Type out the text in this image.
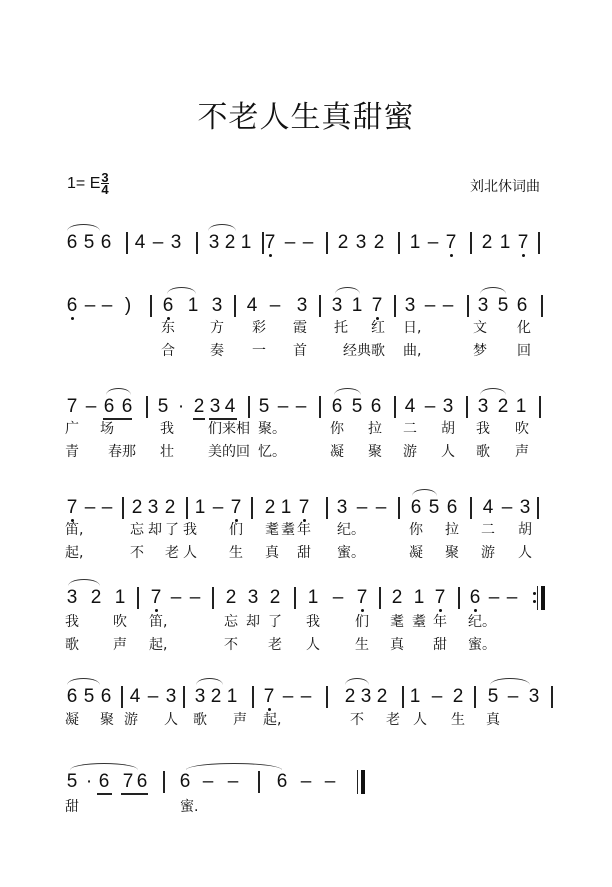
不老人生真甜蜜
1= E $\frac{3}{4}$	刘北休词曲
6 5 6 4 – 3 3 2 1 7 – – 2 3 2 1 – 7 2 1 7
6 – – ) 6 1 3 4 – 3 3 1 7 3 – – 3 5 6
东	方 彩 霞 托 红 日,	文 化
合	奏 一 首	经典 歌 曲,	梦 回
7 – 6 6 5 · 2 3 4 5 – – 6 5 6 4 – 3 3 2 1
广 场	我 们来相 聚。	你 拉 二 胡 我 吹
青 春那 壮 美的回 忆。	凝 聚 游 人 歌 声
7 – – 2 3 2 1 – 7 2 1 7 3 – – 6 5 6 4 – 3
笛,	忘 却 了 我 们 耄 耋 年 纪。	你 拉 二 胡
起,	不 老 人 生 真 甜 蜜。	凝 聚 游 人
3 2 1 7 – – 2 3 2 1 – 7 2 1 7 6 – –
我 吹 笛,	忘 却 了 我	们 耄 耋 年 纪。
歌 声 起,	不 老 人	生 真 甜 蜜。
6 5 6 4 – 3 3 2 1 7 – – 2 3 2 1 – 2 5 – 3
凝 聚 游 人 歌 声 起,	不 老 人 生 真
5 · 6 7 6 6 – – 6 – –
甜	蜜.
